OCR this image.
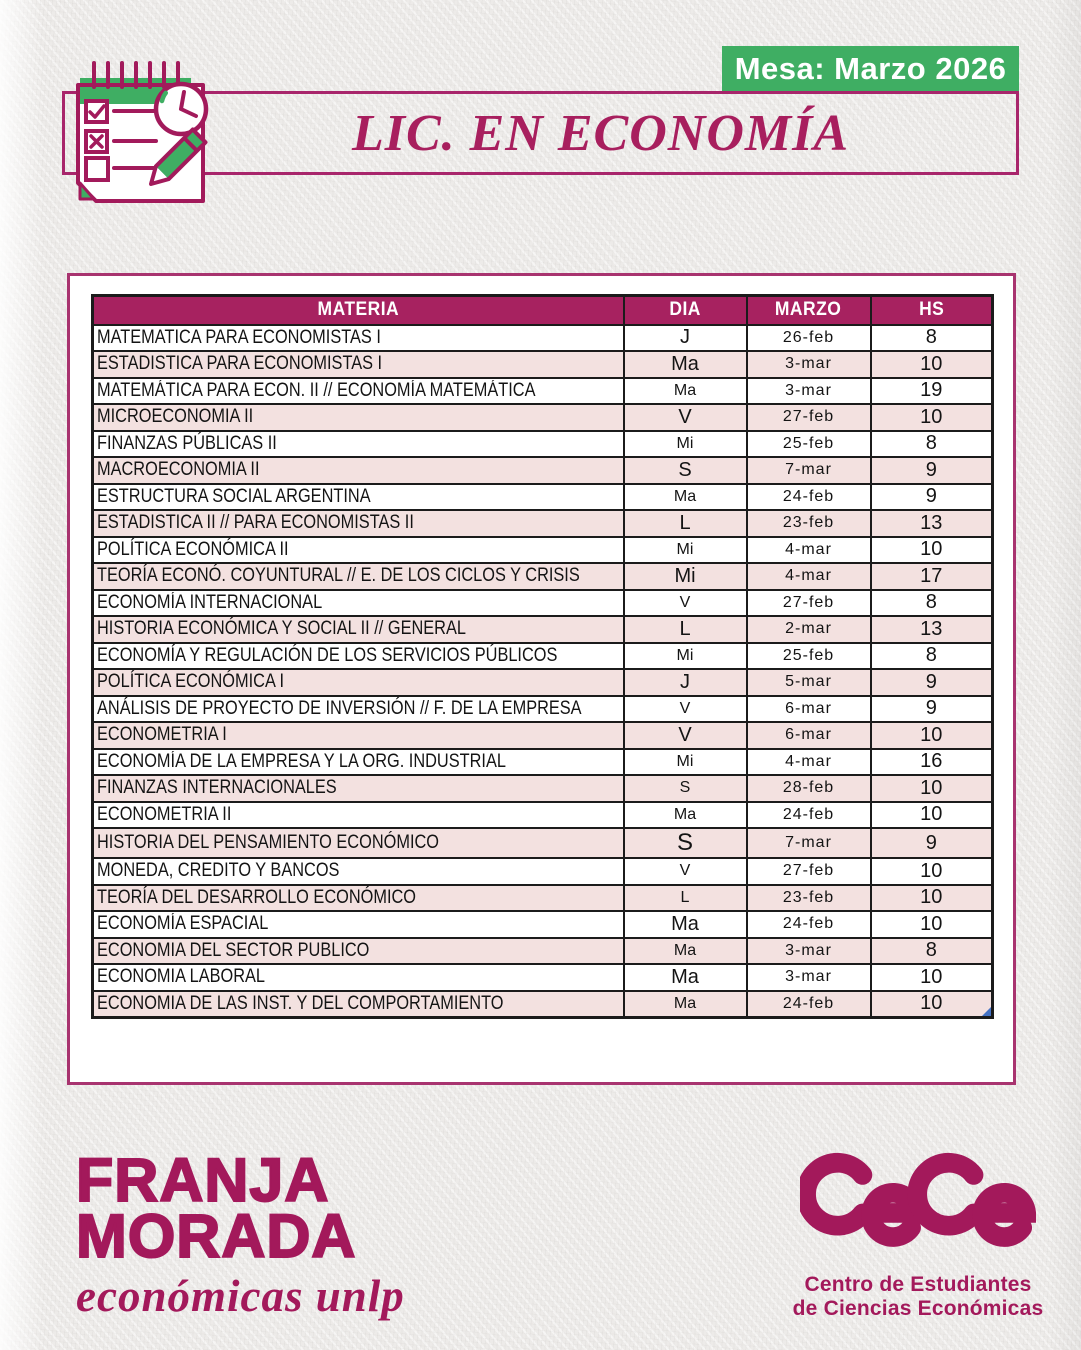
Mesa: Marzo 2026
LIC. EN ECONOMÍA
MATERIA	DIA	MARZO	HS
MATEMATICA PARA ECONOMISTAS I	J	26-feb	8
ESTADISTICA PARA ECONOMISTAS I	Ma	3-mar	10
MATEMÁTICA PARA ECON. II // ECONOMÍA MATEMÁTICA	Ma	3-mar	19
MICROECONOMIA II	V	27-feb	10
FINANZAS PÚBLICAS II	Mi	25-feb	8
MACROECONOMIA II	S	7-mar	9
ESTRUCTURA SOCIAL ARGENTINA	Ma	24-feb	9
ESTADISTICA II // PARA ECONOMISTAS II	L	23-feb	13
POLÍTICA ECONÓMICA II	Mi	4-mar	10
TEORÍA ECONÓ. COYUNTURAL // E. DE LOS CICLOS Y CRISIS	Mi	4-mar	17
ECONOMÍA INTERNACIONAL	V	27-feb	8
HISTORIA ECONÓMICA Y SOCIAL II // GENERAL	L	2-mar	13
ECONOMÍA Y REGULACIÓN DE LOS SERVICIOS PÚBLICOS	Mi	25-feb	8
POLÍTICA ECONÓMICA I	J	5-mar	9
ANÁLISIS DE PROYECTO DE INVERSIÓN // F. DE LA EMPRESA	V	6-mar	9
ECONOMETRIA I	V	6-mar	10
ECONOMÍA DE LA EMPRESA Y LA ORG. INDUSTRIAL	Mi	4-mar	16
FINANZAS INTERNACIONALES	S	28-feb	10
ECONOMETRIA II	Ma	24-feb	10
HISTORIA DEL PENSAMIENTO ECONÓMICO	S	7-mar	9
MONEDA, CREDITO Y BANCOS	V	27-feb	10
TEORÍA DEL DESARROLLO ECONÓMICO	L	23-feb	10
ECONOMÍA ESPACIAL	Ma	24-feb	10
ECONOMIA DEL SECTOR PUBLICO	Ma	3-mar	8
ECONOMIA LABORAL	Ma	3-mar	10
ECONOMIA DE LAS INST. Y DEL COMPORTAMIENTO	Ma	24-feb	10
FRANJA
MORADA
económicas unlp	Centro de Estudiantes
de Ciencias Económicas
